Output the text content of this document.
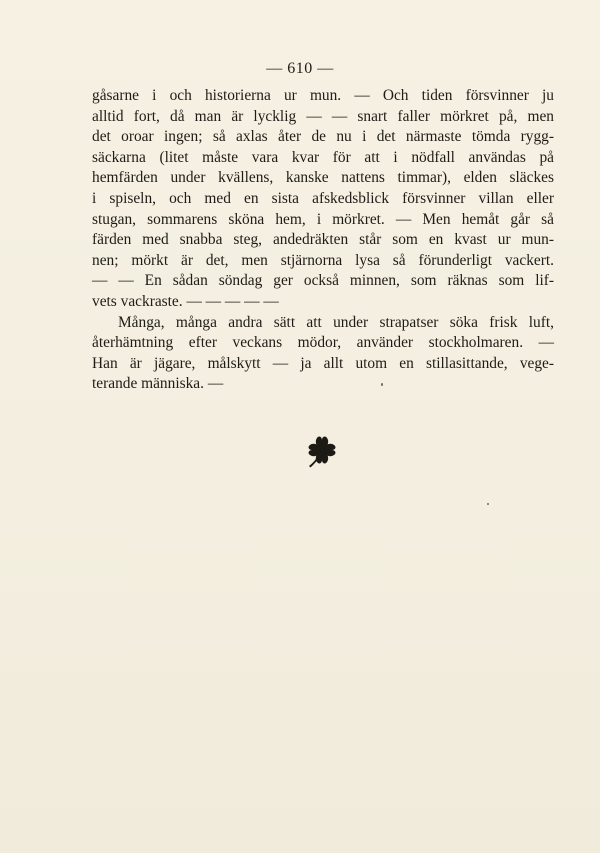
— 610 —
gåsarne i och historierna ur mun. — Och tiden försvinner ju
alltid fort, då man är lycklig — — snart faller mörkret på, men
det oroar ingen; så axlas åter de nu i det närmaste tömda rygg-
säckarna (litet måste vara kvar för att i nödfall användas på
hemfärden under kvällens, kanske nattens timmar), elden släckes
i spiseln, och med en sista afskedsblick försvinner villan eller
stugan, sommarens sköna hem, i mörkret. — Men hemåt går så
färden med snabba steg, andedräkten står som en kvast ur mun-
nen; mörkt är det, men stjärnorna lysa så förunderligt vackert.
— — En sådan söndag ger också minnen, som räknas som lif-
vets vackraste. — — — — —
Många, många andra sätt att under strapatser söka frisk luft,
återhämtning efter veckans mödor, använder stockholmaren. —
Han är jägare, målskytt — ja allt utom en stillasittande, vege-
terande människa. —
